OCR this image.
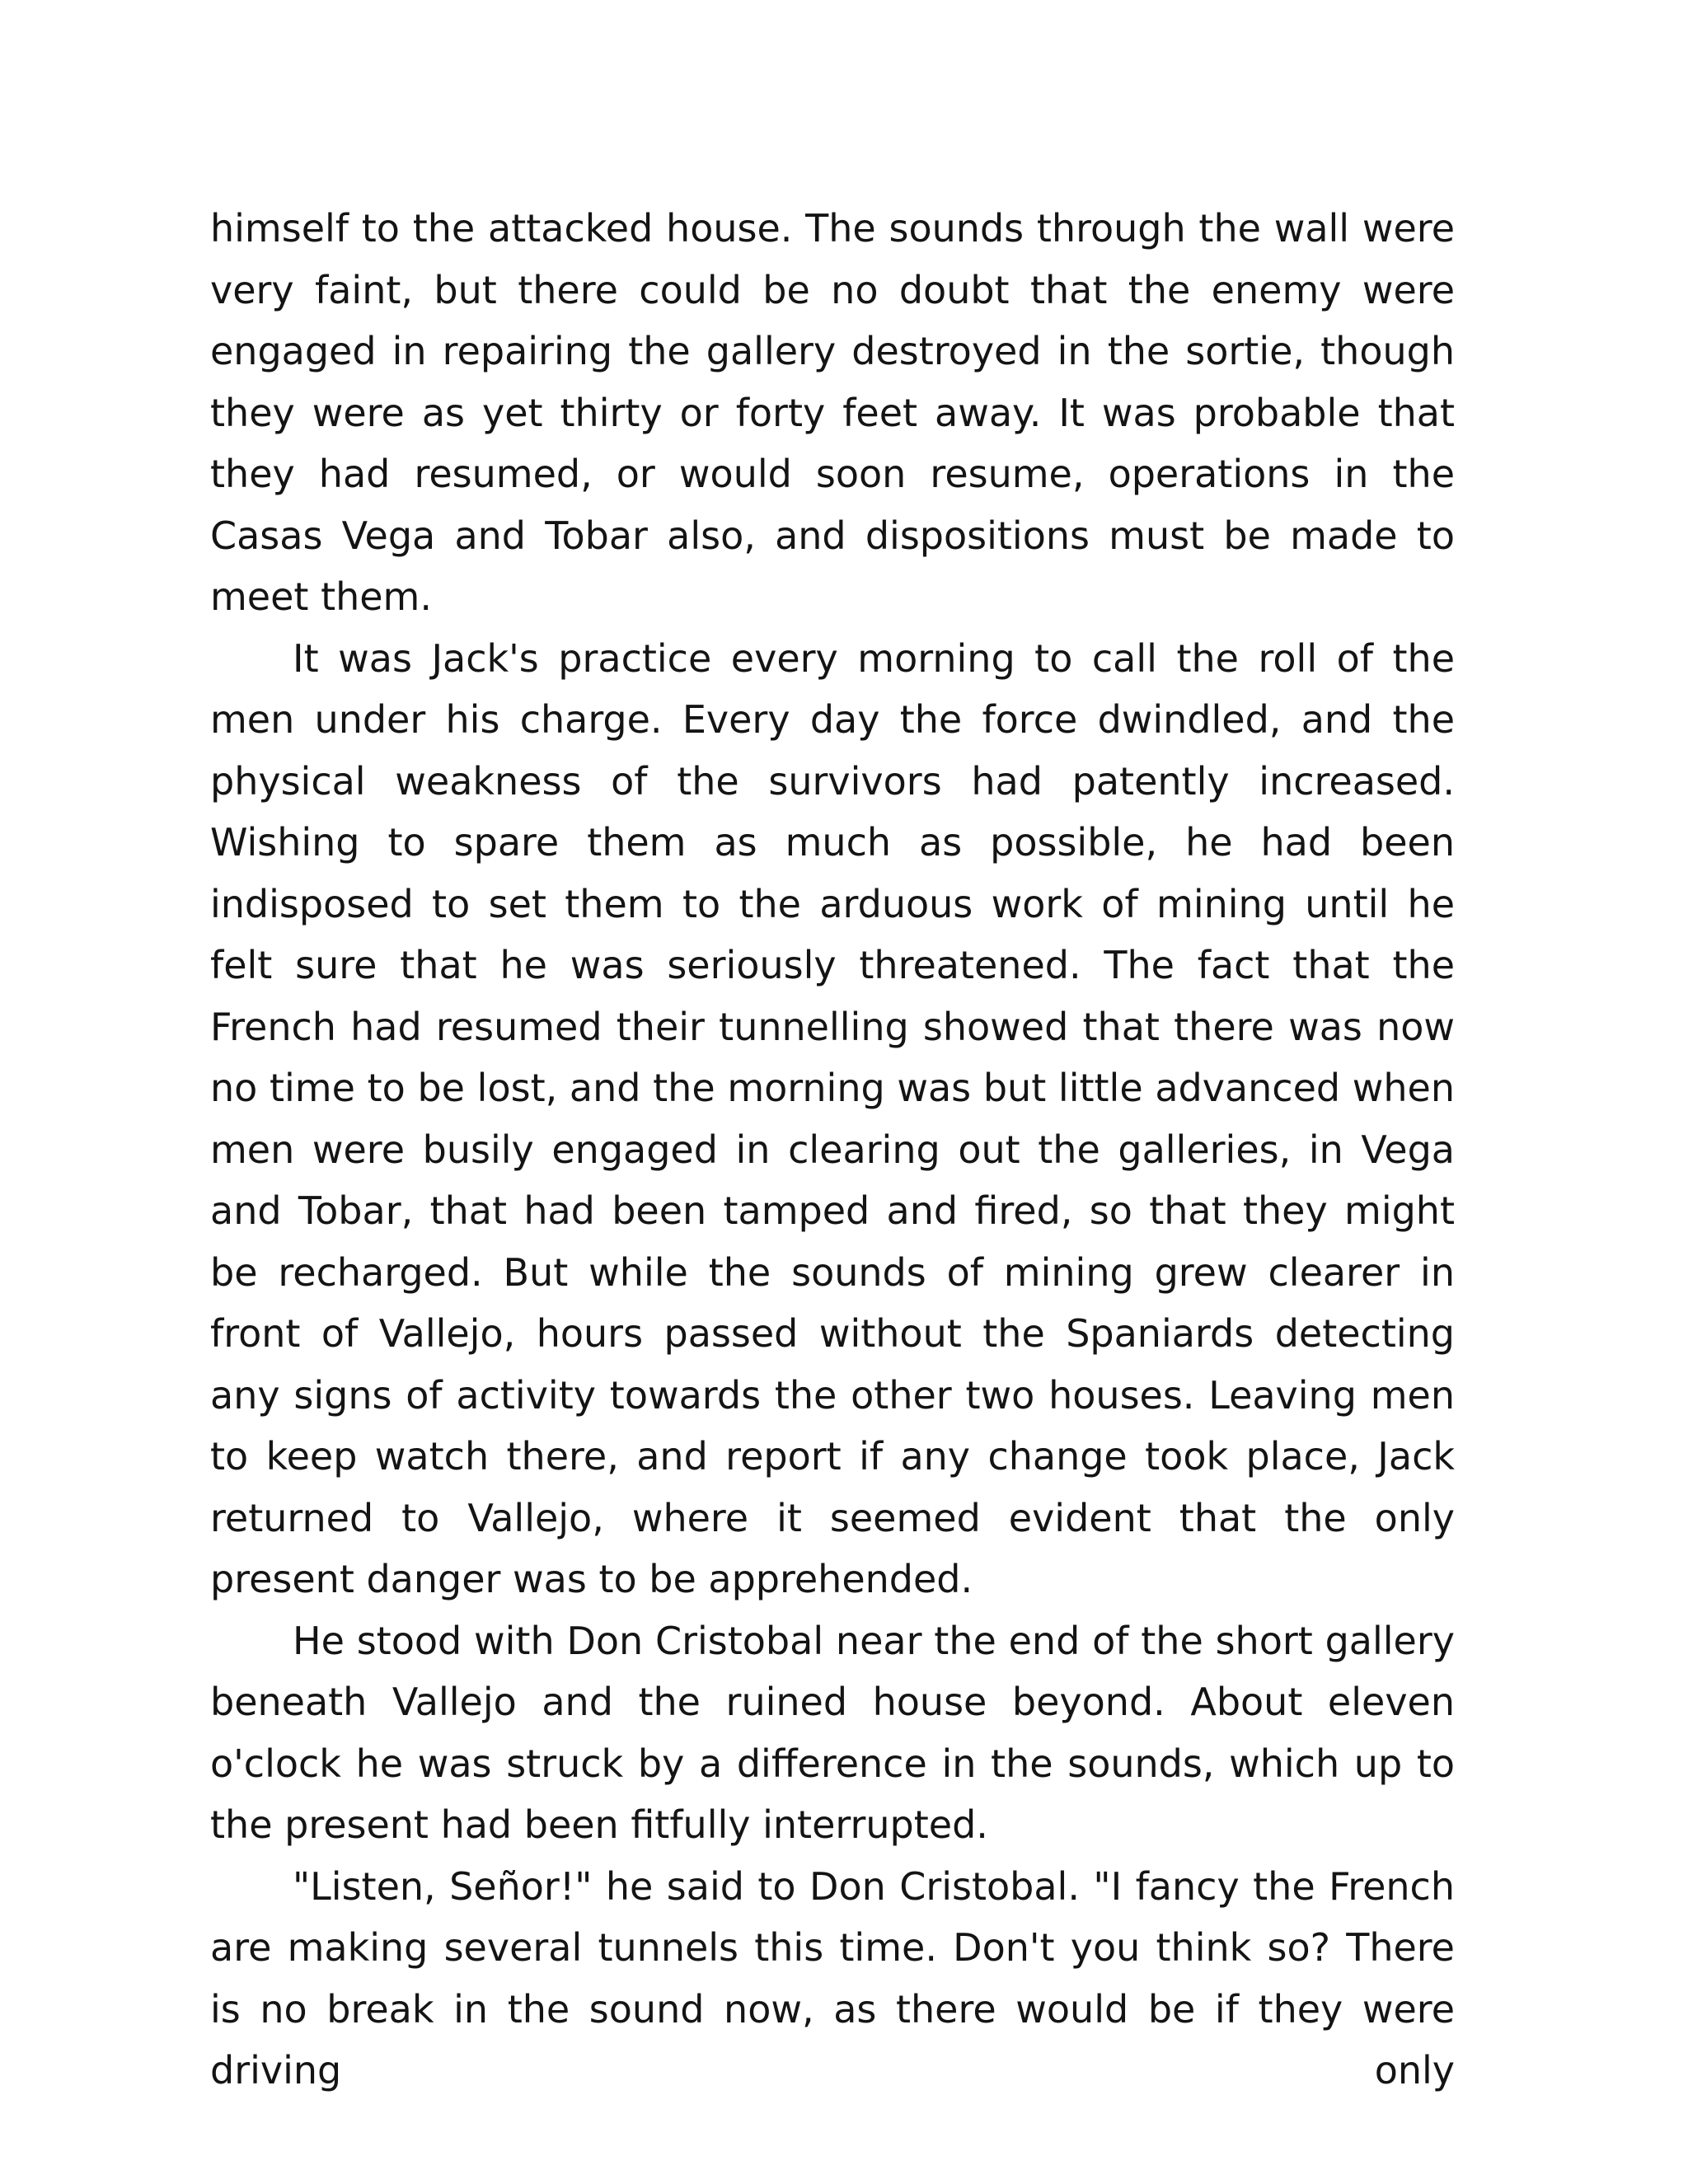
himself to the attacked house. The sounds through the wall were very faint, but there could be no doubt that the enemy were engaged in repairing the gallery destroyed in the sortie, though they were as yet thirty or forty feet away. It was probable that they had resumed, or would soon resume, operations in the Casas Vega and Tobar also, and dispositions must be made to meet them.

It was Jack's practice every morning to call the roll of the men under his charge. Every day the force dwindled, and the physical weakness of the survivors had patently increased. Wishing to spare them as much as possible, he had been indisposed to set them to the arduous work of mining until he felt sure that he was seriously threatened. The fact that the French had resumed their tunnelling showed that there was now no time to be lost, and the morning was but little advanced when men were busily engaged in clearing out the galleries, in Vega and Tobar, that had been tamped and fired, so that they might be recharged. But while the sounds of mining grew clearer in front of Vallejo, hours passed without the Spaniards detecting any signs of activity towards the other two houses. Leaving men to keep watch there, and report if any change took place, Jack returned to Vallejo, where it seemed evident that the only present danger was to be apprehended.

He stood with Don Cristobal near the end of the short gallery beneath Vallejo and the ruined house beyond. About eleven o'clock he was struck by a difference in the sounds, which up to the present had been fitfully interrupted.

"Listen, Señor!" he said to Don Cristobal. "I fancy the French are making several tunnels this time. Don't you think so? There is no break in the sound now, as there would be if they were driving only
